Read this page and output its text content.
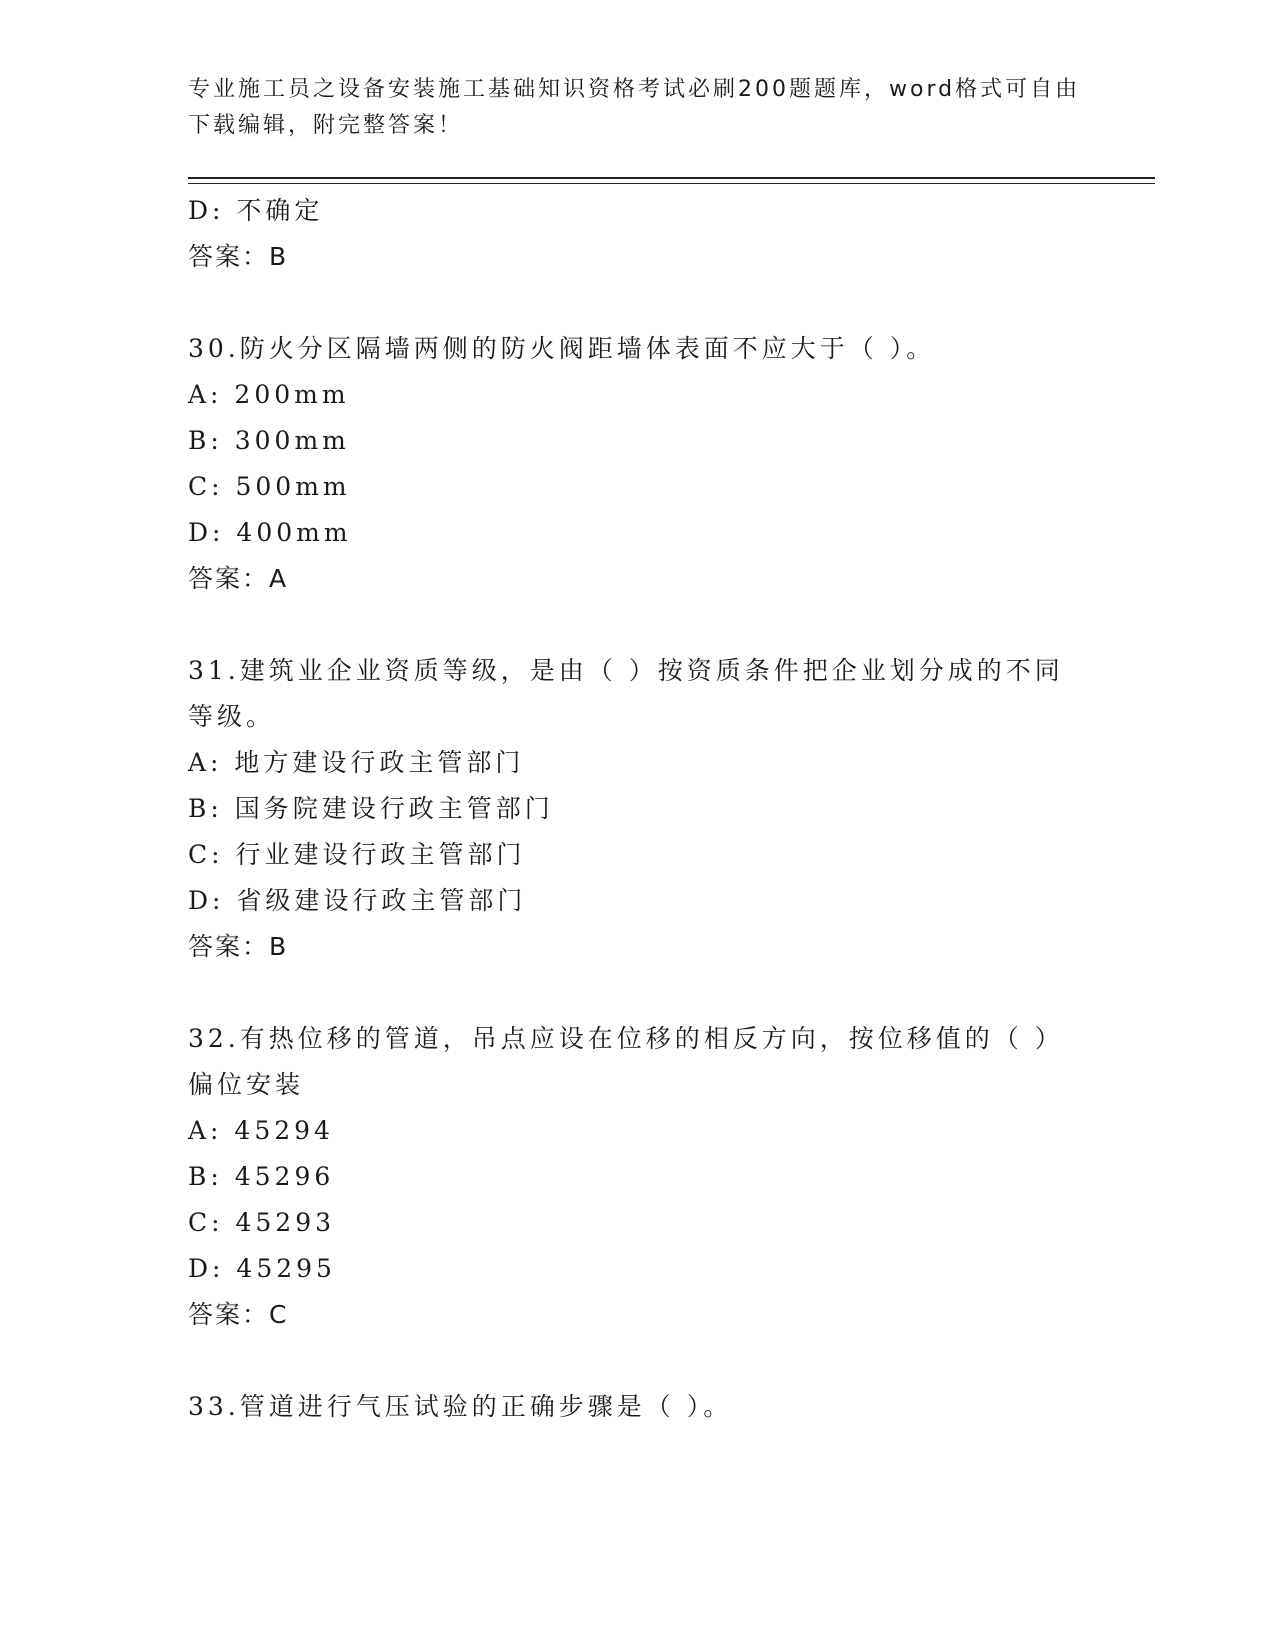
专业施工员之设备安装施工基础知识资格考试必刷200题题库，word格式可自由下载编辑，附完整答案！
D: 不确定
答案：B
30.防火分区隔墙两侧的防火阀距墙体表面不应大于（ ）。
A: 200mm
B: 300mm
C: 500mm
D: 400mm
答案：A
31.建筑业企业资质等级，是由（ ）按资质条件把企业划分成的不同等级。
A: 地方建设行政主管部门
B: 国务院建设行政主管部门
C: 行业建设行政主管部门
D: 省级建设行政主管部门
答案：B
32.有热位移的管道，吊点应设在位移的相反方向，按位移值的（ ）偏位安装
A: 45294
B: 45296
C: 45293
D: 45295
答案：C
33.管道进行气压试验的正确步骤是（ ）。
